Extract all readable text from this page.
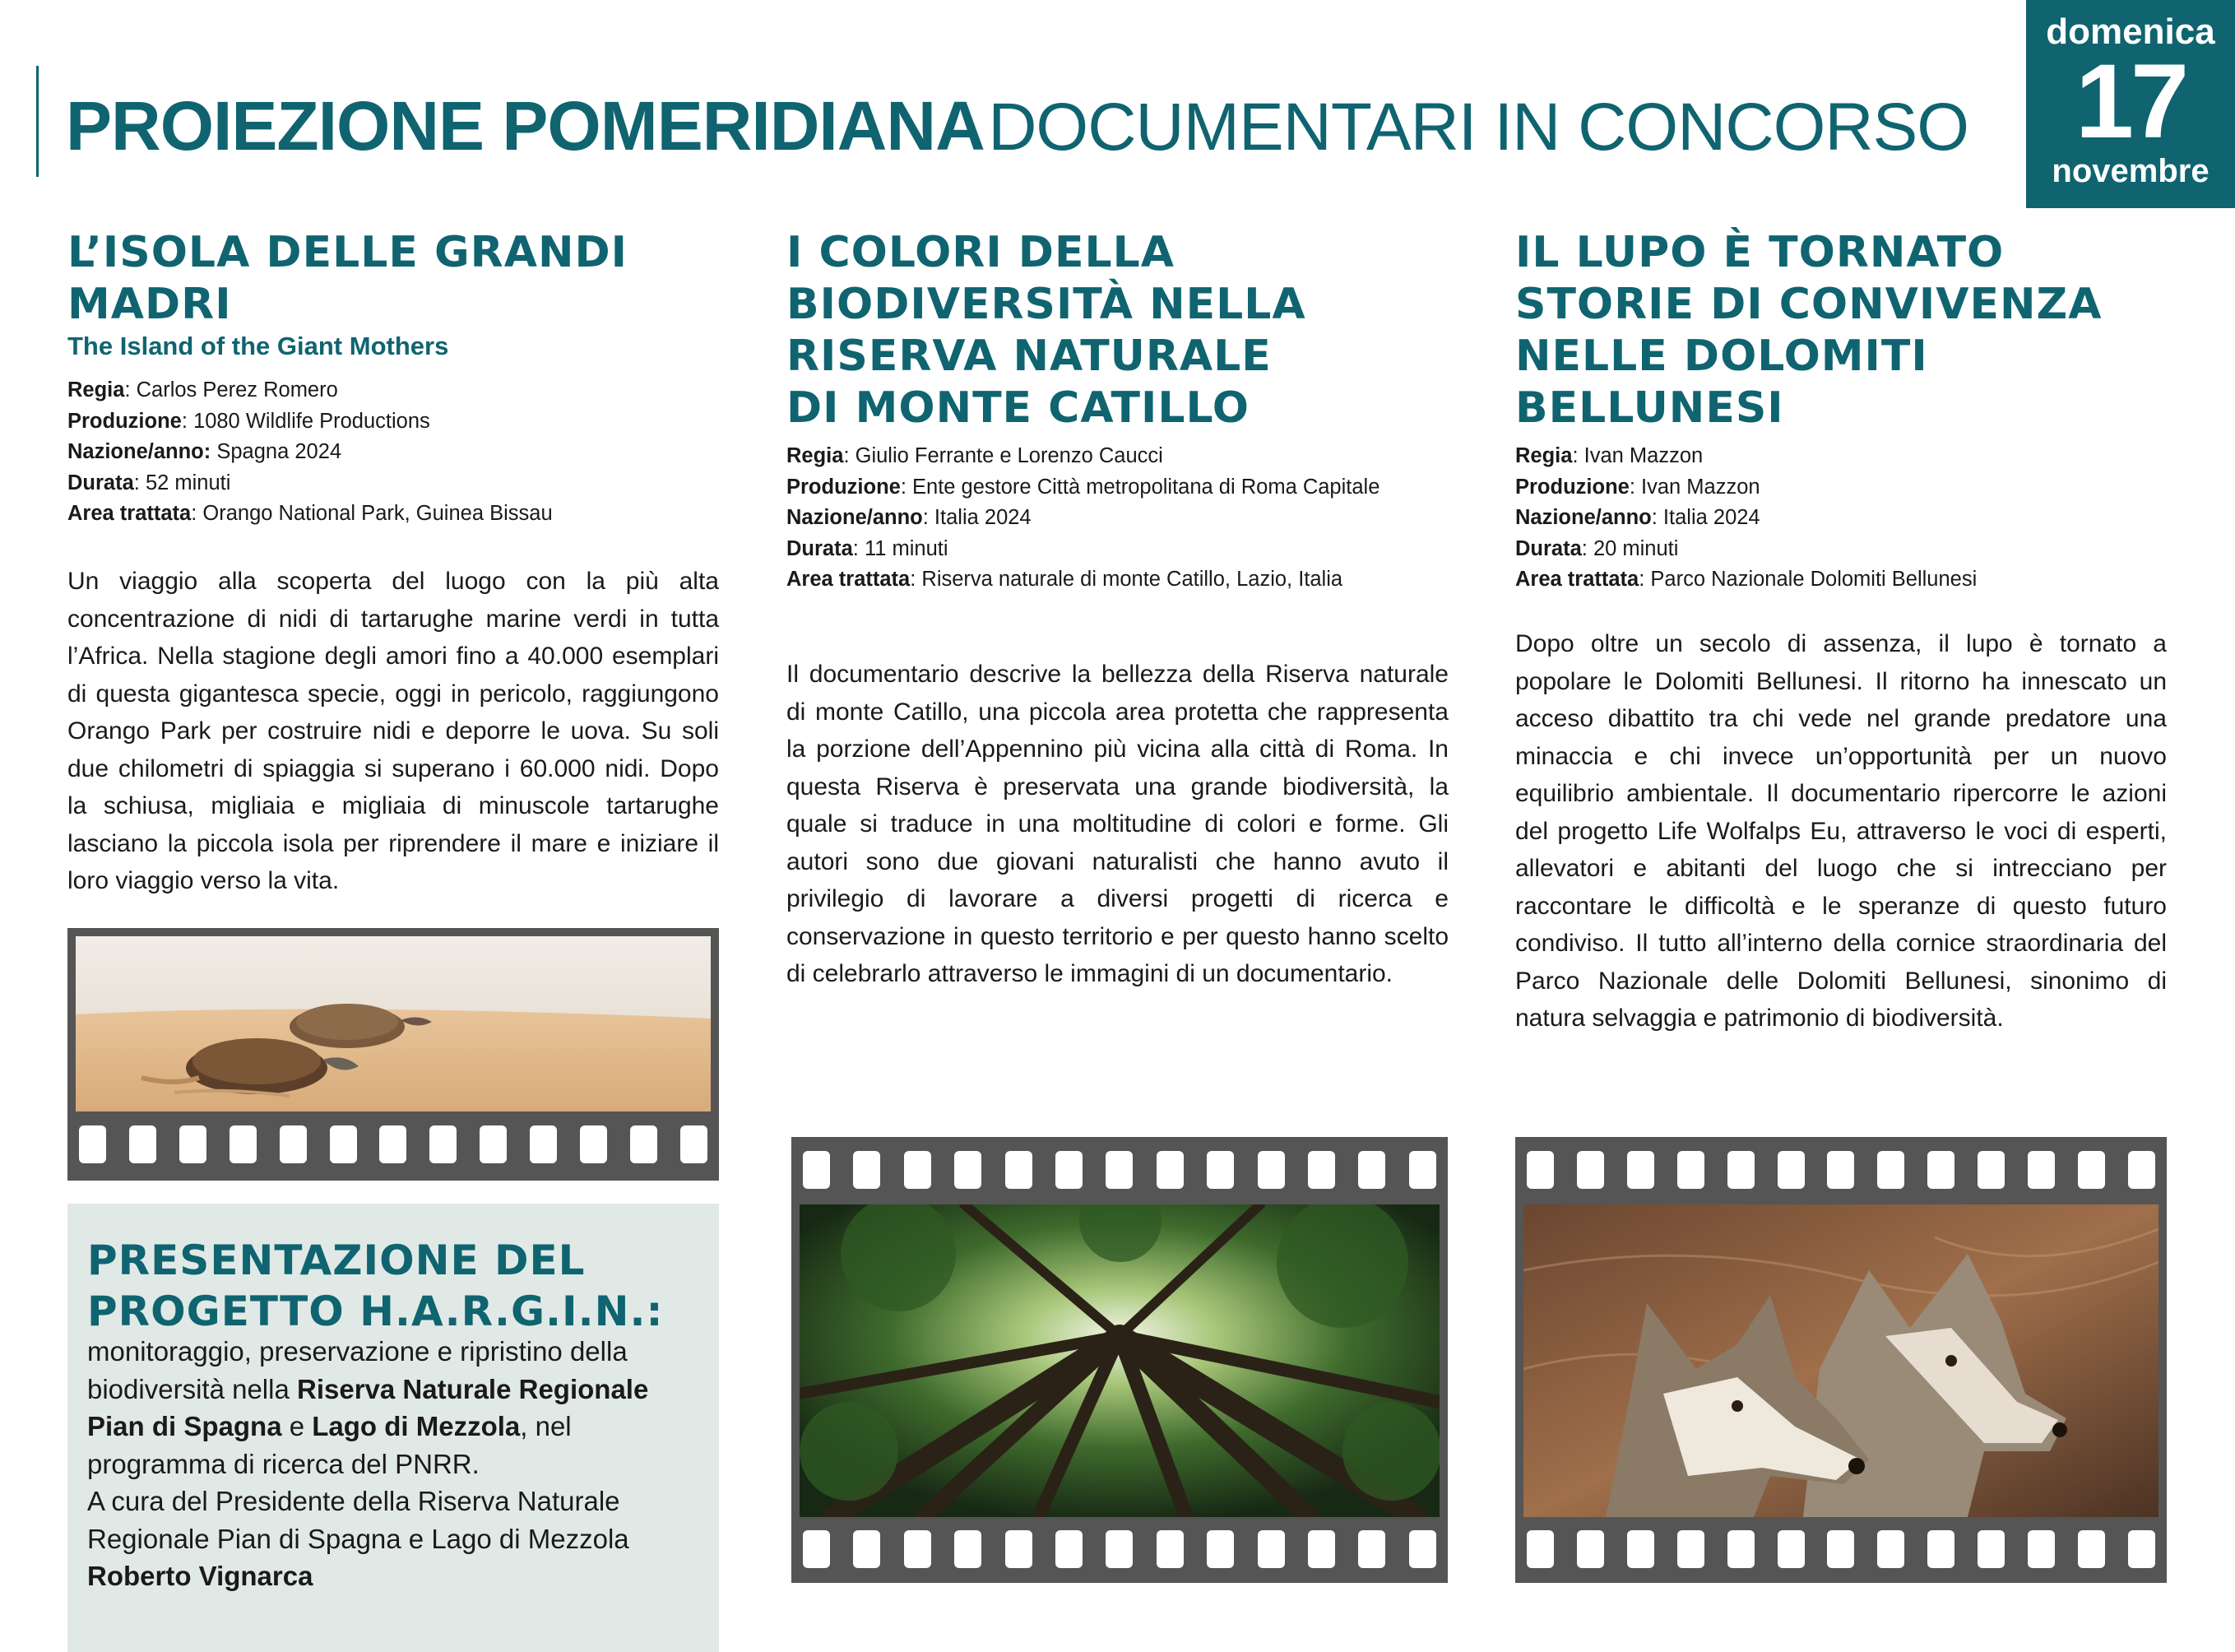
PROIEZIONE POMERIDIANA DOCUMENTARI IN CONCORSO
domenica
17
novembre
L’ISOLA DELLE GRANDI
MADRI
The Island of the Giant Mothers
Regia: Carlos Perez Romero
Produzione: 1080 Wildlife Productions
Nazione/anno: Spagna 2024
Durata: 52 minuti
Area trattata: Orango National Park, Guinea Bissau
Un viaggio alla scoperta del luogo con la più alta concentrazione di nidi di tartarughe marine verdi in tutta l’Africa. Nella stagione degli amori fino a 40.000 esemplari di questa gigantesca specie, oggi in pericolo, raggiungono Orango Park per costruire nidi e deporre le uova. Su soli due chilometri di spiaggia si superano i 60.000 nidi. Dopo la schiusa, migliaia e migliaia di minuscole tartarughe lasciano la piccola isola per riprendere il mare e iniziare il loro viaggio verso la vita.
I COLORI DELLA
BIODIVERSITÀ NELLA
RISERVA NATURALE
DI MONTE CATILLO
Regia: Giulio Ferrante e Lorenzo Caucci
Produzione: Ente gestore Città metropolitana di Roma Capitale
Nazione/anno: Italia 2024
Durata: 11 minuti
Area trattata: Riserva naturale di monte Catillo, Lazio, Italia
Il documentario descrive la bellezza della Riserva naturale di monte Catillo, una piccola area protetta che rappresenta la porzione dell’Appennino più vicina alla città di Roma. In questa Riserva è preservata una grande biodiversità, la quale si traduce in una moltitudine di colori e forme. Gli autori sono due giovani naturalisti che hanno avuto il privilegio di lavorare a diversi progetti di ricerca e conservazione in questo territorio e per questo hanno scelto di celebrarlo attraverso le immagini di un documentario.
IL LUPO È TORNATO
STORIE DI CONVIVENZA
NELLE DOLOMITI
BELLUNESI
Regia: Ivan Mazzon
Produzione: Ivan Mazzon
Nazione/anno: Italia 2024
Durata: 20 minuti
Area trattata: Parco Nazionale Dolomiti Bellunesi
Dopo oltre un secolo di assenza, il lupo è tornato a popolare le Dolomiti Bellunesi. Il ritorno ha innescato un acceso dibattito tra chi vede nel grande predatore una minaccia e chi invece un’opportunità per un nuovo equilibrio ambientale. Il documentario ripercorre le azioni del progetto Life Wolfalps Eu, attraverso le voci di esperti, allevatori e abitanti del luogo che si intrecciano per raccontare le difficoltà e le speranze di questo futuro condiviso. Il tutto all’interno della cornice straordinaria del Parco Nazionale delle Dolomiti Bellunesi, sinonimo di natura selvaggia e patrimonio di biodiversità.
PRESENTAZIONE DEL
PROGETTO H.A.R.G.I.N.:
monitoraggio, preservazione e ripristino della biodiversità nella Riserva Naturale Regionale Pian di Spagna e Lago di Mezzola, nel programma di ricerca del PNRR.
A cura del Presidente della Riserva Naturale Regionale Pian di Spagna e Lago di Mezzola
Roberto Vignarca
